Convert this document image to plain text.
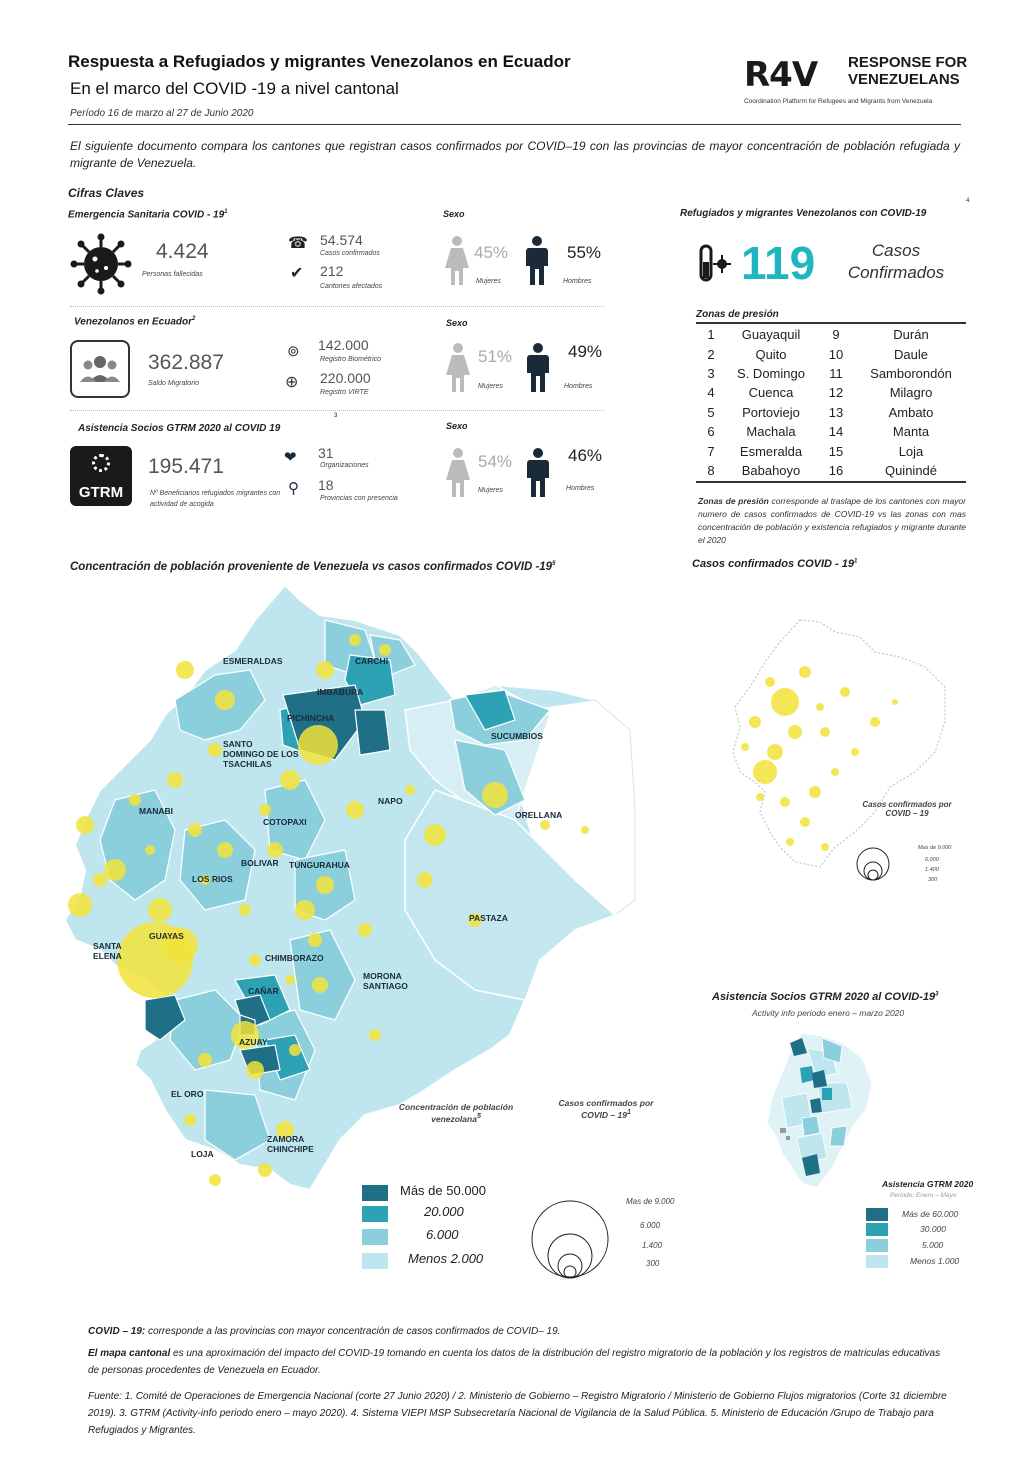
Respuesta a Refugiados y migrantes Venezolanos en Ecuador
En el marco del COVID -19 a nivel cantonal
Período 16 de marzo al 27 de Junio 2020
R4V RESPONSE FOR
VENEZUELANS
Coordination Platform for Refugees and Migrants from Venezuela
El siguiente documento compara los cantones que registran casos confirmados por COVID–19 con las provincias de mayor concentración de población refugiada y migrante de Venezuela.
Cifras Claves
Emergencia Sanitaria COVID - $19^1$
4.424
Personas fallecidas
☎ 54.574
Casos confirmados
✔ 212
Cantones afectados
Sexo
45%
Mujeres
55%
Hombres
Venezolanos en Ecuador$^2$
362.887
Saldo Migratorio
⊚ 142.000
Registro Biométrico
⊕ 220.000
Registro VIRTE
Sexo
51%
Mujeres
49%
Hombres
Asistencia Socios GTRM 2020 al COVID 19
3
GTRM
195.471
Nº Beneficiarios refugiados migrantes con actividad de acogida
❤ 31
Organizaciones
⚲ 18
Provincias con presencia
Sexo
54%
Mujeres
46%
Hombres
Refugiados y migrantes Venezolanos con COVID-19
4
119	Casos
Confirmados
Zonas de presión
1	Guayaquil	9	Durán
2	Quito	10	Daule
3	S. Domingo	11	Samborondón
4	Cuenca	12	Milagro
5	Portoviejo	13	Ambato
6	Machala	14	Manta
7	Esmeralda	15	Loja
8	Babahoyo	16	Quinindé
Zonas de presión corresponde al traslape de los cantones con mayor numero de casos confirmados de COVID-19 vs las zonas con mas concentración de población y existencia refugiados y migrante durante el 2020
Concentración de población proveniente de Venezuela vs casos confirmados COVID $-19^5$
ESMERALDAS	CARCHI
IMBABURA
PICHINCHA
SUCUMBIOS
SANTO DOMINGO DE LOS TSACHILAS
NAPO
MANABI	ORELLANA
COTOPAXI
BOLIVAR TUNGURAHUA
LOS RIOS
PASTAZA
SANTA ELENA
GUAYAS
CHIMBORAZO
MORONA SANTIAGO
CAÑAR
AZUAY
EL ORO
ZAMORA CHINCHIPE
LOJA
Concentración de población venezolana$^5$
Casos confirmados por COVID – $19^1$
Más de 50.000
20.000
6.000
Menos 2.000
Mas de 9.000
6.000
1.400
300
Casos confirmados COVID - $19^1$
Casos confirmados por COVID – 19
Mas de 9.000
6.000
1.400
300
Asistencia Socios GTRM 2020 al COVID-$19^3$
Activity info periodo enero – marzo 2020
Asistencia GTRM 2020
Periodo: Enero – Mayo
Más de 60.000
30.000
5.000
Menos 1.000
COVID – 19: corresponde a las provincias con mayor concentración de casos confirmados de COVID– 19.
El mapa cantonal es una aproximación del impacto del COVID-19 tomando en cuenta los datos de la distribución del registro migratorio de la población y los registros de matriculas educativas de personas procedentes de Venezuela en Ecuador.
Fuente: 1. Comité de Operaciones de Emergencia Nacional (corte 27 Junio 2020) / 2. Ministerio de Gobierno – Registro Migratorio / Ministerio de Gobierno Flujos migratorios (Corte 31 diciembre 2019). 3. GTRM (Activity-info periodo enero – mayo 2020). 4. Sistema VIEPI MSP Subsecretaría Nacional de Vigilancia de la Salud Pública. 5. Ministerio de Educación /Grupo de Trabajo para Refugiados y Migrantes.
